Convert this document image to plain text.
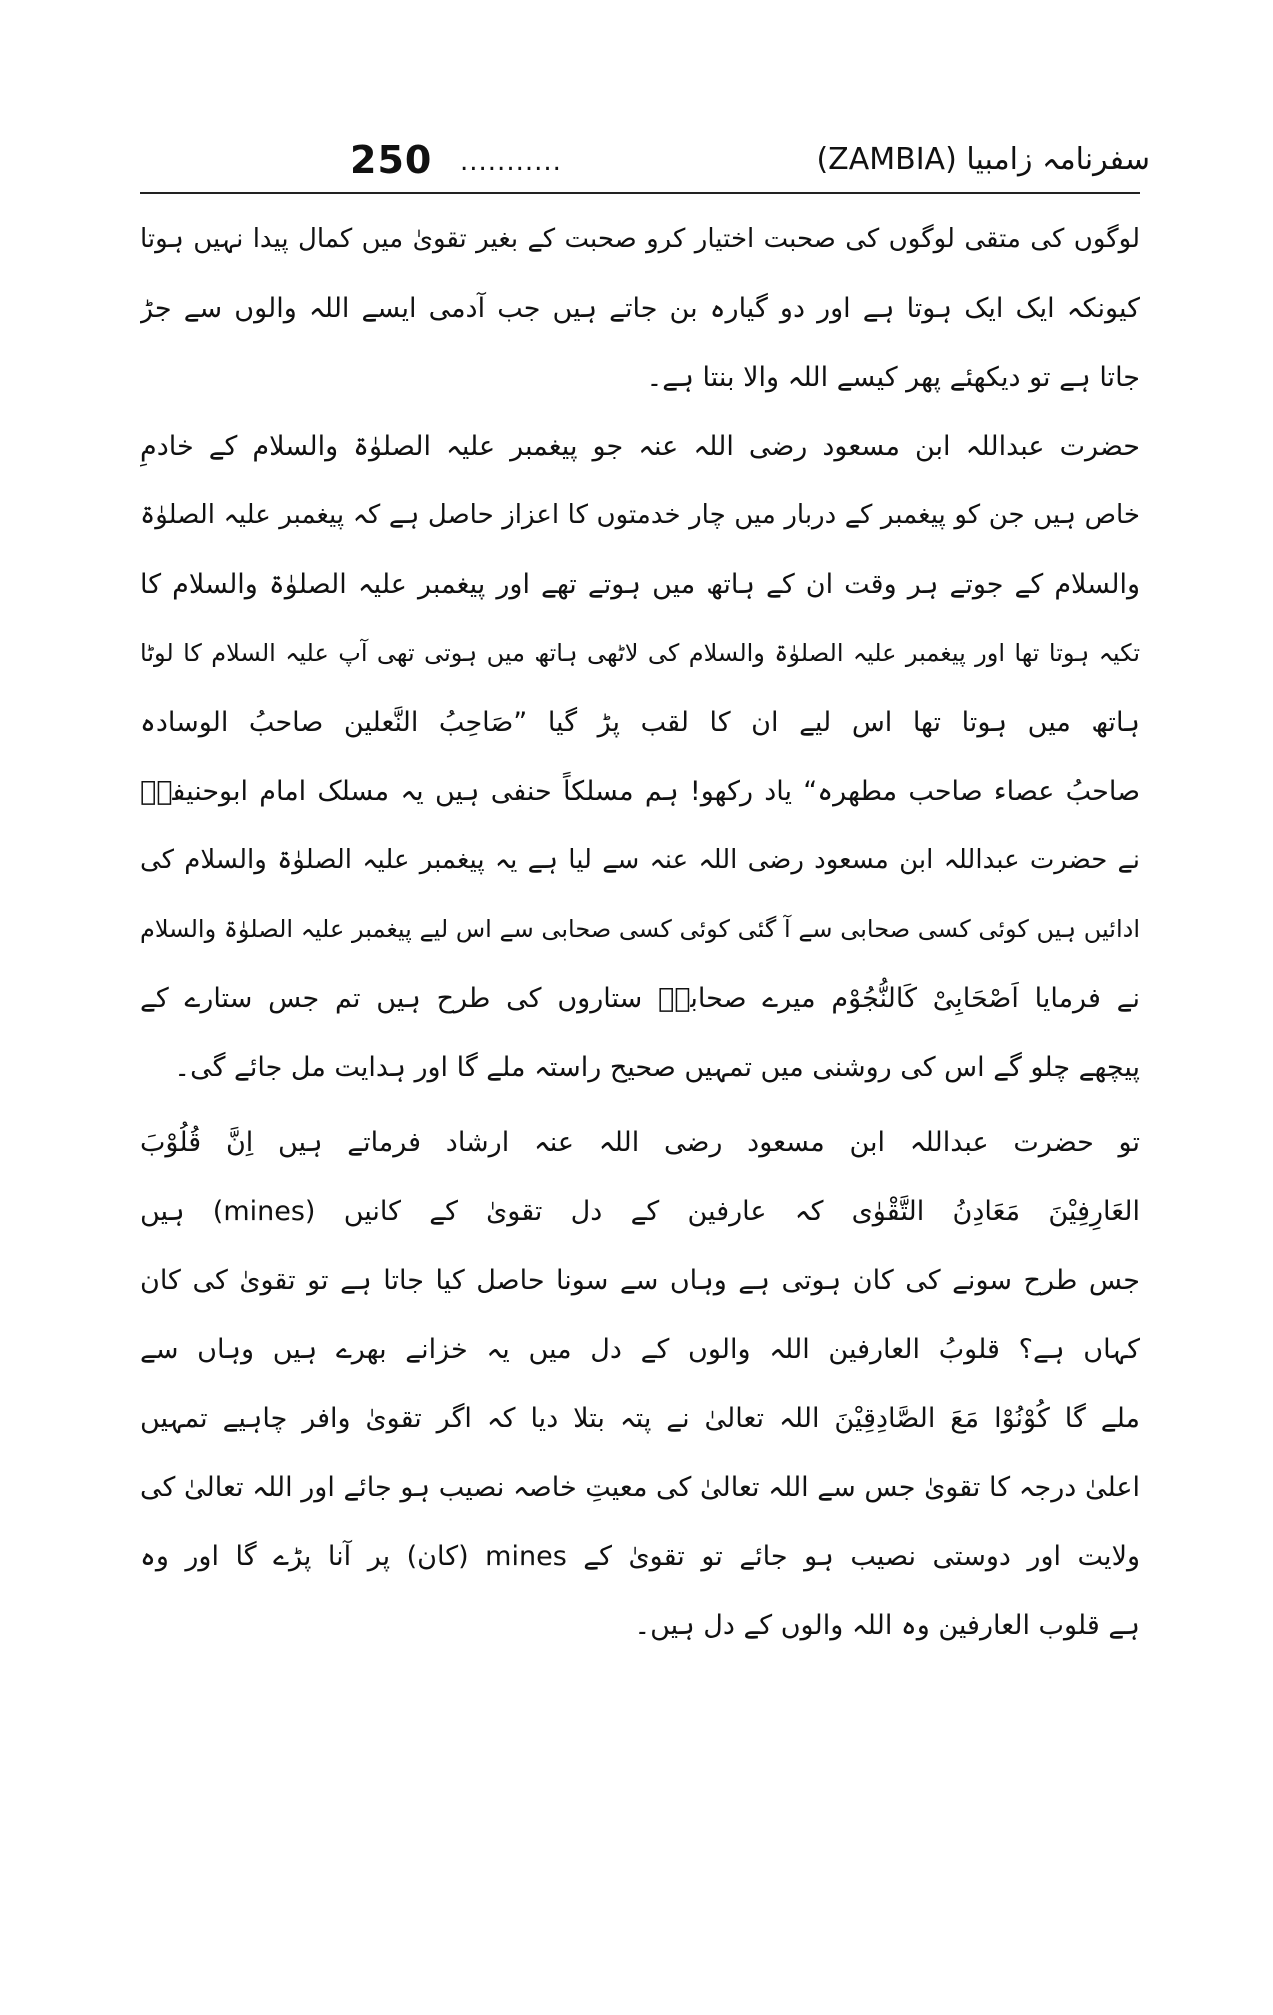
250 ...........	سفرنامہ زامبیا (ZAMBIA)
لوگوں کی متقی لوگوں کی صحبت اختیار کرو صحبت کے بغیر تقویٰ میں کمال پیدا نہیں ہوتا
کیونکہ ایک ایک ہوتا ہے اور دو گیارہ بن جاتے ہیں جب آدمی ایسے اللہ والوں سے جڑ
جاتا ہے تو دیکھئے پھر کیسے اللہ والا بنتا ہے۔
حضرت عبداللہ ابن مسعود رضی اللہ عنہ جو پیغمبر علیہ الصلوٰۃ والسلام کے خادمِ
خاص ہیں جن کو پیغمبر کے دربار میں چار خدمتوں کا اعزاز حاصل ہے کہ پیغمبر علیہ الصلوٰۃ
والسلام کے جوتے ہر وقت ان کے ہاتھ میں ہوتے تھے اور پیغمبر علیہ الصلوٰۃ والسلام کا
تکیہ ہوتا تھا اور پیغمبر علیہ الصلوٰۃ والسلام کی لاٹھی ہاتھ میں ہوتی تھی آپ علیہ السلام کا لوٹا
ہاتھ میں ہوتا تھا اس لیے ان کا لقب پڑ گیا ”صَاحِبُ النَّعلین صاحبُ الوسادہ
صاحبُ عصاء صاحب مطھرہ“ یاد رکھو! ہم مسلکاً حنفی ہیں یہ مسلک امام ابوحنیفہؒ
نے حضرت عبداللہ ابن مسعود رضی اللہ عنہ سے لیا ہے یہ پیغمبر علیہ الصلوٰۃ والسلام کی
ادائیں ہیں کوئی کسی صحابی سے آ گئی کوئی کسی صحابی سے اس لیے پیغمبر علیہ الصلوٰۃ والسلام
نے فرمایا اَصْحَابِیْ کَالنُّجُوْم میرے صحابہؓ ستاروں کی طرح ہیں تم جس ستارے کے
پیچھے چلو گے اس کی روشنی میں تمہیں صحیح راستہ ملے گا اور ہدایت مل جائے گی۔
تو حضرت عبداللہ ابن مسعود رضی اللہ عنہ ارشاد فرماتے ہیں اِنَّ قُلُوْبَ
العَارِفِیْنَ مَعَادِنُ التَّقْوٰی کہ عارفین کے دل تقویٰ کے کانیں (mines) ہیں
جس طرح سونے کی کان ہوتی ہے وہاں سے سونا حاصل کیا جاتا ہے تو تقویٰ کی کان
کہاں ہے؟ قلوبُ العارفین اللہ والوں کے دل میں یہ خزانے بھرے ہیں وہاں سے
ملے گا کُوْنُوْا مَعَ الصَّادِقِیْنَ اللہ تعالیٰ نے پتہ بتلا دیا کہ اگر تقویٰ وافر چاہیے تمہیں
اعلیٰ درجہ کا تقویٰ جس سے اللہ تعالیٰ کی معیتِ خاصہ نصیب ہو جائے اور اللہ تعالیٰ کی
ولایت اور دوستی نصیب ہو جائے تو تقویٰ کے mines (کان) پر آنا پڑے گا اور وہ
ہے قلوب العارفین وہ اللہ والوں کے دل ہیں۔
